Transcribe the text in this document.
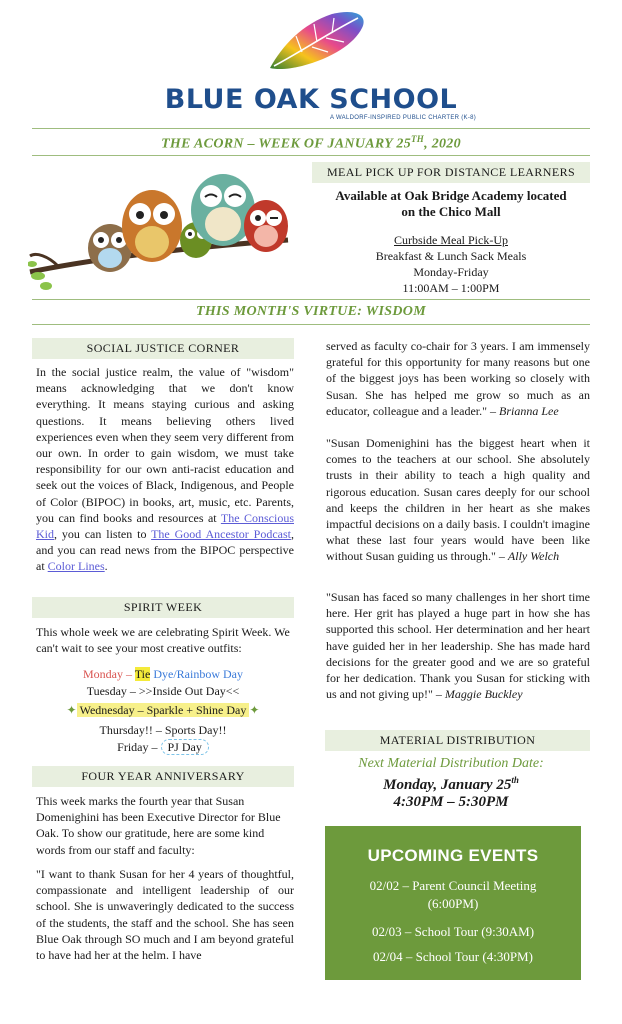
BLUE OAK SCHOOL
A WALDORF-INSPIRED PUBLIC CHARTER (K-8)
THE ACORN – WEEK OF JANUARY 25TH, 2020
MEAL PICK UP FOR DISTANCE LEARNERS
Available at Oak Bridge Academy located
on the Chico Mall
Curbside Meal Pick-Up
Breakfast & Lunch Sack Meals
Monday-Friday
11:00AM – 1:00PM
THIS MONTH'S VIRTUE: WISDOM
SOCIAL JUSTICE CORNER
In the social justice realm, the value of "wisdom" means acknowledging that we don't know everything. It means staying curious and asking questions. It means believing others lived experiences even when they seem very different from our own. In order to gain wisdom, we must take responsibility for our own anti-racist education and seek out the voices of Black, Indigenous, and People of Color (BIPOC) in books, art, music, etc. Parents, you can find books and resources at The Conscious Kid, you can listen to The Good Ancestor Podcast, and you can read news from the BIPOC perspective at Color Lines.
SPIRIT WEEK
This whole week we are celebrating Spirit Week. We can't wait to see your most creative outfits:
Monday – Tie Dye/Rainbow Day
Tuesday – >>Inside Out Day<<
✦ Wednesday – Sparkle + Shine Day ✦
Thursday!! – Sports Day!!
Friday – PJ Day
FOUR YEAR ANNIVERSARY
This week marks the fourth year that Susan Domenighini has been Executive Director for Blue Oak. To show our gratitude, here are some kind words from our staff and faculty:
"I want to thank Susan for her 4 years of thoughtful, compassionate and intelligent leadership of our school. She is unwaveringly dedicated to the success of the students, the staff and the school. She has seen Blue Oak through SO much and I am beyond grateful to have had her at the helm. I have
served as faculty co-chair for 3 years. I am immensely grateful for this opportunity for many reasons but one of the biggest joys has been working so closely with Susan. She has helped me grow so much as an educator, colleague and a leader." – Brianna Lee
"Susan Domenighini has the biggest heart when it comes to the teachers at our school. She absolutely trusts in their ability to teach a high quality and rigorous education. Susan cares deeply for our school and keeps the children in her heart as she makes impactful decisions on a daily basis. I couldn't imagine what these last four years would have been like without Susan guiding us through." – Ally Welch
"Susan has faced so many challenges in her short time here. Her grit has played a huge part in how she has supported this school. Her determination and her heart have guided her in her leadership. She has made hard decisions for the greater good and we are so grateful for her dedication. Thank you Susan for sticking with us and not giving up!" – Maggie Buckley
MATERIAL DISTRIBUTION
Next Material Distribution Date:
Monday, January 25th
4:30PM – 5:30PM
UPCOMING EVENTS
02/02 – Parent Council Meeting
(6:00PM)
02/03 – School Tour (9:30AM)
02/04 – School Tour (4:30PM)
